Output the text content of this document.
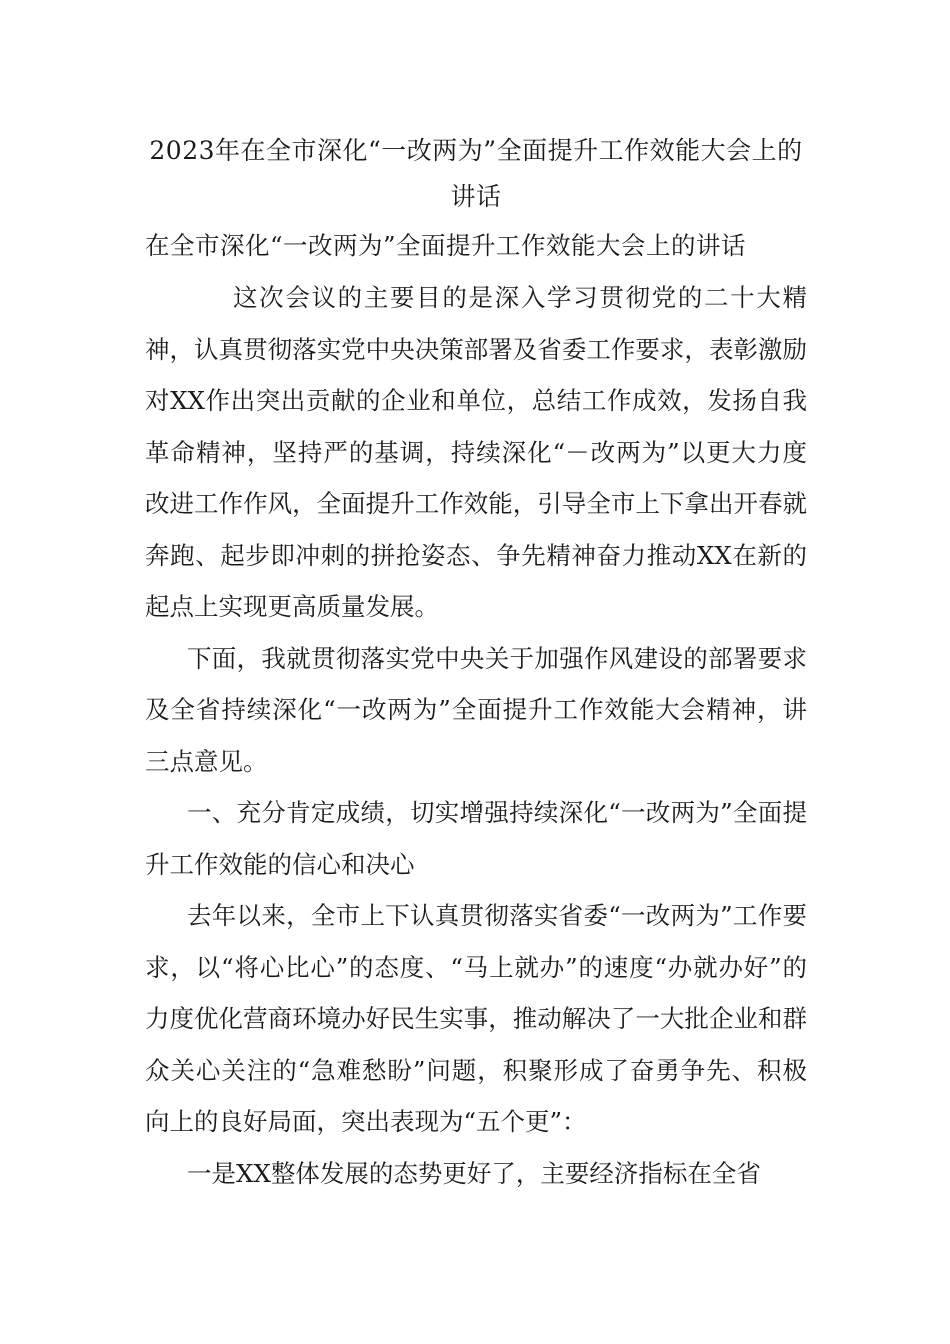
2023年在全市深化“一改两为”全面提升工作效能大会上的讲话

在全市深化“一改两为”全面提升工作效能大会上的讲话

这次会议的主要目的是深入学习贯彻党的二十大精神，认真贯彻落实党中央决策部署及省委工作要求，表彰激励对XX作出突出贡献的企业和单位，总结工作成效，发扬自我革命精神，坚持严的基调，持续深化“－改两为”以更大力度改进工作作风，全面提升工作效能，引导全市上下拿出开春就奔跑、起步即冲刺的拼抢姿态、争先精神奋力推动XX在新的起点上实现更高质量发展。

下面，我就贯彻落实党中央关于加强作风建设的部署要求及全省持续深化“一改两为”全面提升工作效能大会精神，讲三点意见。

一、充分肯定成绩，切实增强持续深化“一改两为”全面提升工作效能的信心和决心

去年以来，全市上下认真贯彻落实省委“一改两为”工作要求，以“将心比心”的态度、“马上就办”的速度“办就办好”的力度优化营商环境办好民生实事，推动解决了一大批企业和群众关心关注的“急难愁盼”问题，积聚形成了奋勇争先、积极向上的良好局面，突出表现为“五个更”：

一是XX整体发展的态势更好了，主要经济指标在全省
